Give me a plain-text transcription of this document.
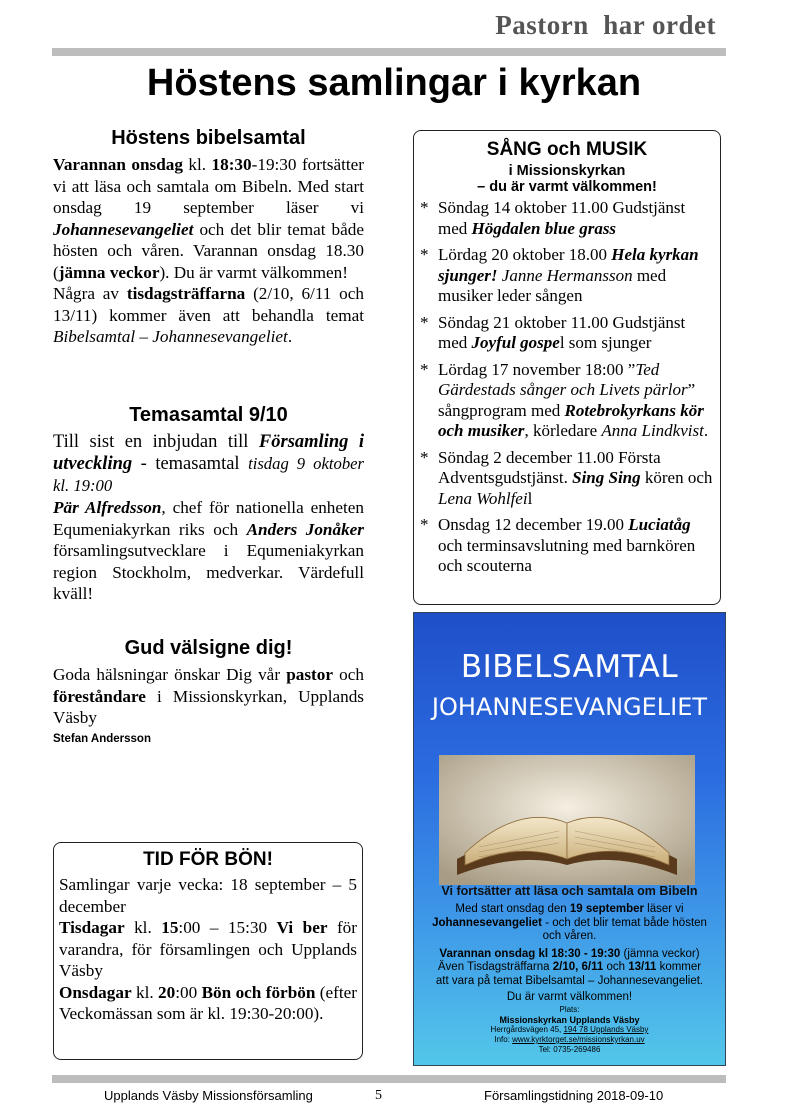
Pastorn  har ordet
Höstens samlingar i kyrkan
Höstens bibelsamtal

Varannan onsdag kl. 18:30-19:30 fortsätter vi att läsa och samtala om Bibeln. Med start onsdag 19 september läser vi Johannesevangeliet och det blir temat både hösten och våren. Varannan onsdag 18.30 (jämna veckor). Du är varmt välkommen!

Några av tisdagsträffarna (2/10, 6/11 och 13/11) kommer även att behandla temat Bibelsamtal – Johannesevangeliet.

Temasamtal 9/10

Till sist en inbjudan till Församling i utveckling - temasamtal tisdag 9 oktober kl. 19:00

Pär Alfredsson, chef för nationella enheten Equmeniakyrkan riks och Anders Jonåker församlingsutvecklare i Equmeniakyrkan region Stockholm, medverkar. Värdefull kväll!

Gud välsigne dig!

Goda hälsningar önskar Dig vår pastor och föreståndare i Missionskyrkan, Upplands Väsby

Stefan Andersson
SÅNG och MUSIK
i Missionskyrkan
– du är varmt välkommen!
* Söndag 14 oktober 11.00 Gudstjänst med Högdalen blue grass
* Lördag 20 oktober 18.00 Hela kyrkan sjunger! Janne Hermansson med musiker leder sången
* Söndag 21 oktober 11.00 Gudstjänst med Joyful gospel som sjunger
* Lördag 17 november 18:00 ”Ted Gärdestads sånger och Livets pärlor” sångprogram med Rotebrokyrkans kör och musiker, körledare Anna Lindkvist.
* Söndag 2 december 11.00 Första Adventsgudstjänst. Sing Sing kören och Lena Wohlfeil
* Onsdag 12 december 19.00 Luciatåg och terminsavslutning med barnkören och scouterna
BIBELSAMTAL
JOHANNESEVANGELIET
Vi fortsätter att läsa och samtala om Bibeln
Med start onsdag den 19 september läser vi
Johannesevangeliet - och det blir temat både hösten
och våren.
Varannan onsdag kl 18:30 - 19:30 (jämna veckor)
Även Tisdagsträffarna 2/10, 6/11 och 13/11 kommer
att vara på temat Bibelsamtal – Johannesevangeliet.
Du är varmt välkommen!
Plats:
Missionskyrkan Upplands Väsby
Herrgårdsvägen 45, 194 78 Upplands Väsby
Info: www.kyrktorget.se/missionskyrkan.uv
Tel: 0735-269486
TID FÖR BÖN!

Samlingar varje vecka: 18 september – 5 december

Tisdagar kl. 15:00 – 15:30 Vi ber för varandra, för församlingen och Upplands Väsby

Onsdagar kl. 20:00 Bön och förbön (efter Veckomässan som är kl. 19:30-20:00).

Upplands Väsby Missionsförsamling	5	Församlingstidning 2018-09-10
